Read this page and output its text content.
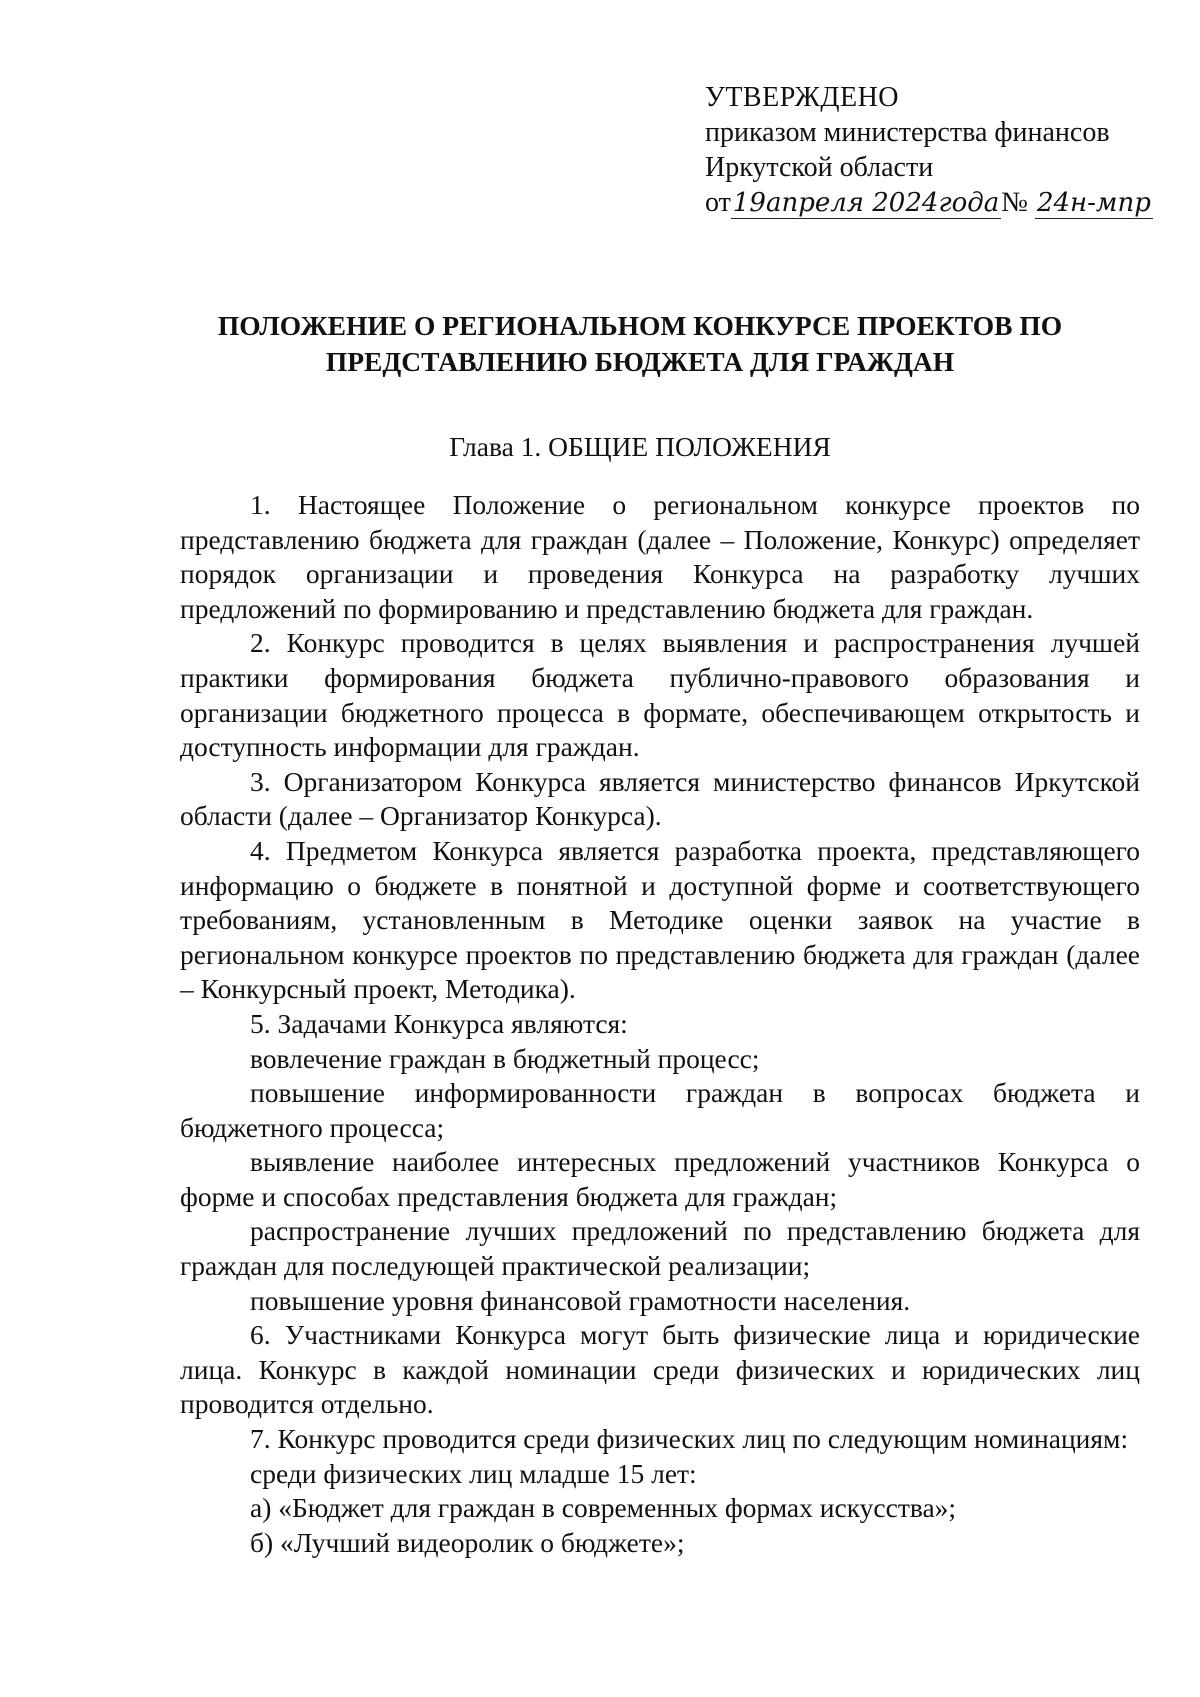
УТВЕРЖДЕНО
приказом министерства финансов
Иркутской области
от19апреля 2024года№ 24н-мпр
ПОЛОЖЕНИЕ О РЕГИОНАЛЬНОМ КОНКУРСЕ ПРОЕКТОВ ПО
ПРЕДСТАВЛЕНИЮ БЮДЖЕТА ДЛЯ ГРАЖДАН
Глава 1. ОБЩИЕ ПОЛОЖЕНИЯ

1. Настоящее Положение о региональном конкурсе проектов по представлению бюджета для граждан (далее – Положение, Конкурс) определяет порядок организации и проведения Конкурса на разработку лучших предложений по формированию и представлению бюджета для граждан.

2. Конкурс проводится в целях выявления и распространения лучшей практики формирования бюджета публично-правового образования и организации бюджетного процесса в формате, обеспечивающем открытость и доступность информации для граждан.

3. Организатором Конкурса является министерство финансов Иркутской области (далее – Организатор Конкурса).

4. Предметом Конкурса является разработка проекта, представляющего информацию о бюджете в понятной и доступной форме и соответствующего требованиям, установленным в Методике оценки заявок на участие в региональном конкурсе проектов по представлению бюджета для граждан (далее – Конкурсный проект, Методика).

5. Задачами Конкурса являются:

вовлечение граждан в бюджетный процесс;

повышение информированности граждан в вопросах бюджета и бюджетного процесса;

выявление наиболее интересных предложений участников Конкурса о форме и способах представления бюджета для граждан;

распространение лучших предложений по представлению бюджета для граждан для последующей практической реализации;

повышение уровня финансовой грамотности населения.

6. Участниками Конкурса могут быть физические лица и юридические лица. Конкурс в каждой номинации среди физических и юридических лиц проводится отдельно.

7. Конкурс проводится среди физических лиц по следующим номинациям:

среди физических лиц младше 15 лет:

а) «Бюджет для граждан в современных формах искусства»;

б) «Лучший видеоролик о бюджете»;
